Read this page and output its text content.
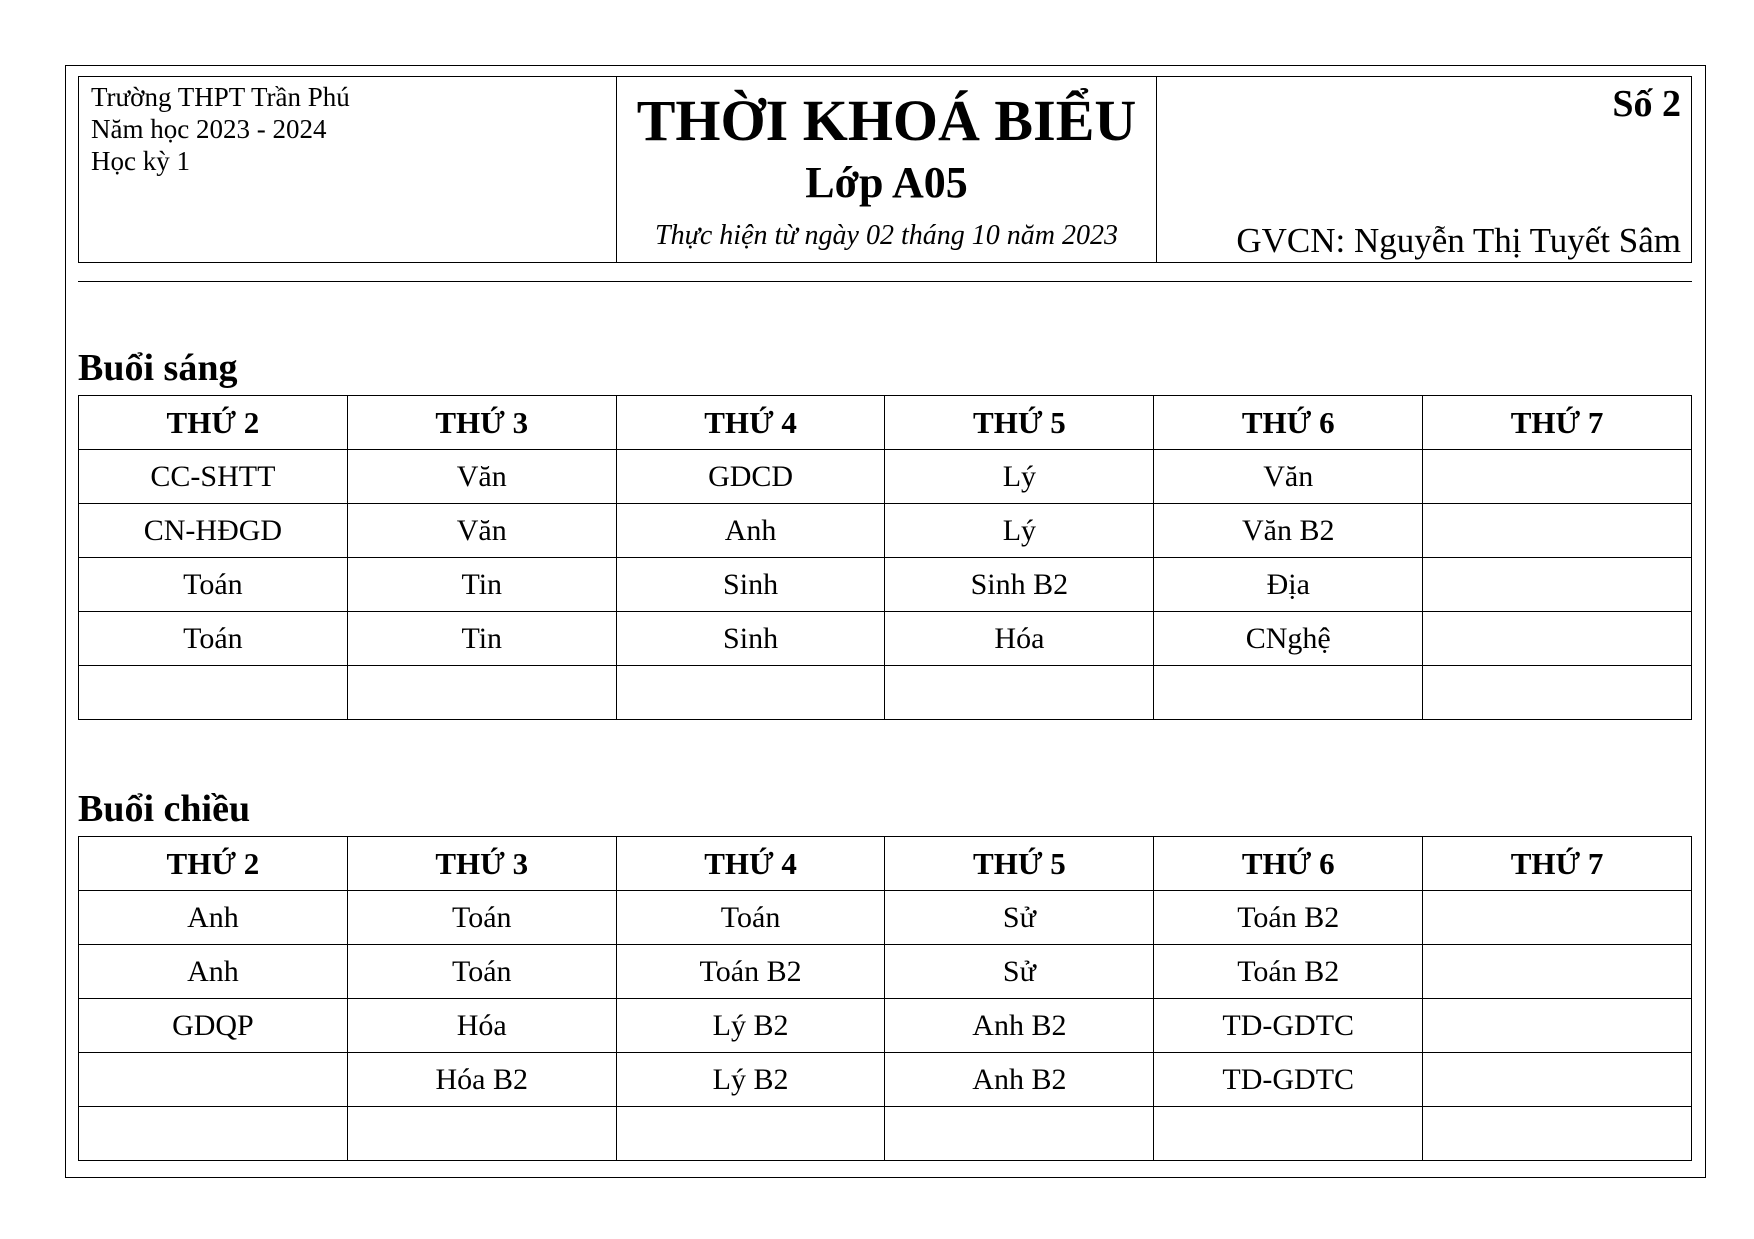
Trường THPT Trần Phú
Năm học 2023 - 2024
Học kỳ 1
THỜI KHOÁ BIỂU
Lớp A05
Thực hiện từ ngày 02 tháng 10 năm 2023
Số 2
GVCN: Nguyễn Thị Tuyết Sâm
Buổi sáng
THỨ 2	THỨ 3	THỨ 4	THỨ 5	THỨ 6	THỨ 7
CC-SHTT	Văn	GDCD	Lý	Văn	
CN-HĐGD	Văn	Anh	Lý	Văn B2	
Toán	Tin	Sinh	Sinh B2	Địa	
Toán	Tin	Sinh	Hóa	CNghệ	

Buổi chiều
THỨ 2	THỨ 3	THỨ 4	THỨ 5	THỨ 6	THỨ 7
Anh	Toán	Toán	Sử	Toán B2	
Anh	Toán	Toán B2	Sử	Toán B2	
GDQP	Hóa	Lý B2	Anh B2	TD-GDTC	
	Hóa B2	Lý B2	Anh B2	TD-GDTC	
